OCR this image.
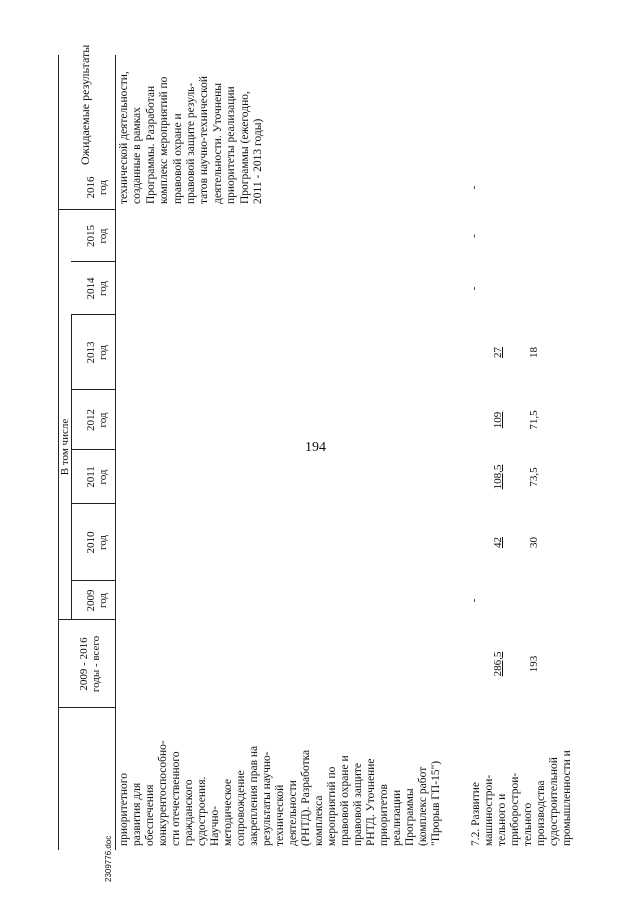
194
2009 - 2016
годы - всего
В том числе
2009
год
2010
год
2011
год
2012
год
2013
год
2014
год
2015
год
2016
год
Ожидаемые результаты
приоритетного
развития для
обеспечения
конкурентоспособно-
сти отечественного
гражданского
судостроения.
Научно-
методическое
сопровождение
закрепления прав на
результаты научно-
технической
деятельности
(РНТД). Разработка
комплекса
мероприятий по
правовой охране и
правовой защите
РНТД. Уточнение
приоритетов
реализации
Программы
(комплекс работ
"Прорыв ГП-15")
технической деятельности,
созданные в рамках
Программы. Разработан
комплекс мероприятий по
правовой охране и
правовой защите резуль-
татов научно-технической
деятельности. Уточнены
приоритеты реализации
Программы (ежегодно,
2011 - 2013 годы)
7.2. Развитие
машинострои-
тельного и
приборострои-
тельного
производства
судостроительной
промышленности и

286,5

193

-

42

30

108,5

73,5

109

71,5

27

18

-
-
-
2309776.doc
